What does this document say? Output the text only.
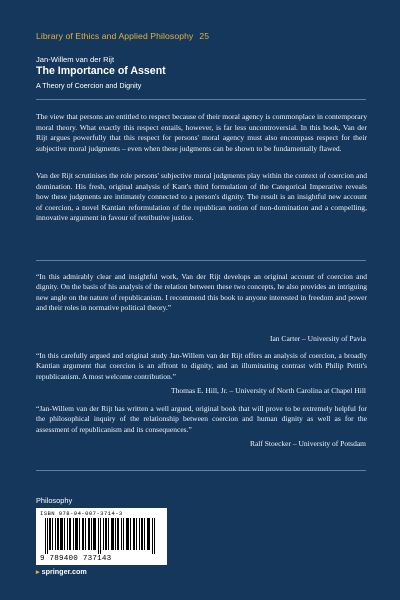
Library of Ethics and Applied Philosophy 25
Jan-Willem van der Rijt
The Importance of Assent
A Theory of Coercion and Dignity
The view that persons are entitled to respect because of their moral agency is commonplace in contemporary moral theory. What exactly this respect entails, however, is far less uncontroversial. In this book, Van der Rijt argues powerfully that this respect for persons' moral agency must also encompass respect for their subjective moral judgments – even when these judgments can be shown to be fundamentally flawed.
Van der Rijt scrutinises the role persons' subjective moral judgments play within the context of coercion and domination. His fresh, original analysis of Kant's third formulation of the Categorical Imperative reveals how these judgments are intimately connected to a person's dignity. The result is an insightful new account of coercion, a novel Kantian reformulation of the republican notion of non-domination and a compelling, innovative argument in favour of retributive justice.
“In this admirably clear and insightful work, Van der Rijt develops an original account of coercion and dignity. On the basis of his analysis of the relation between these two concepts, he also provides an intriguing new angle on the nature of republicanism. I recommend this book to anyone interested in freedom and power and their roles in normative political theory.”
Ian Carter – University of Pavia
“In this carefully argued and original study Jan-Willem van der Rijt offers an analysis of coercion, a broadly Kantian argument that coercion is an affront to dignity, and an illuminating contrast with Philip Pettit's republicanism. A most welcome contribution.”
Thomas E. Hill, Jr. – University of North Carolina at Chapel Hill
“Jan-Willem van der Rijt has written a well argued, original book that will prove to be extremely helpful for the philosophical inquiry of the relationship between coercion and human dignity as well as for the assessment of republicanism and its consequences.”
Ralf Stoecker – University of Potsdam
Philosophy
ISBN 978-94-007-3714-3
9 789400 737143
▸ springer.com
